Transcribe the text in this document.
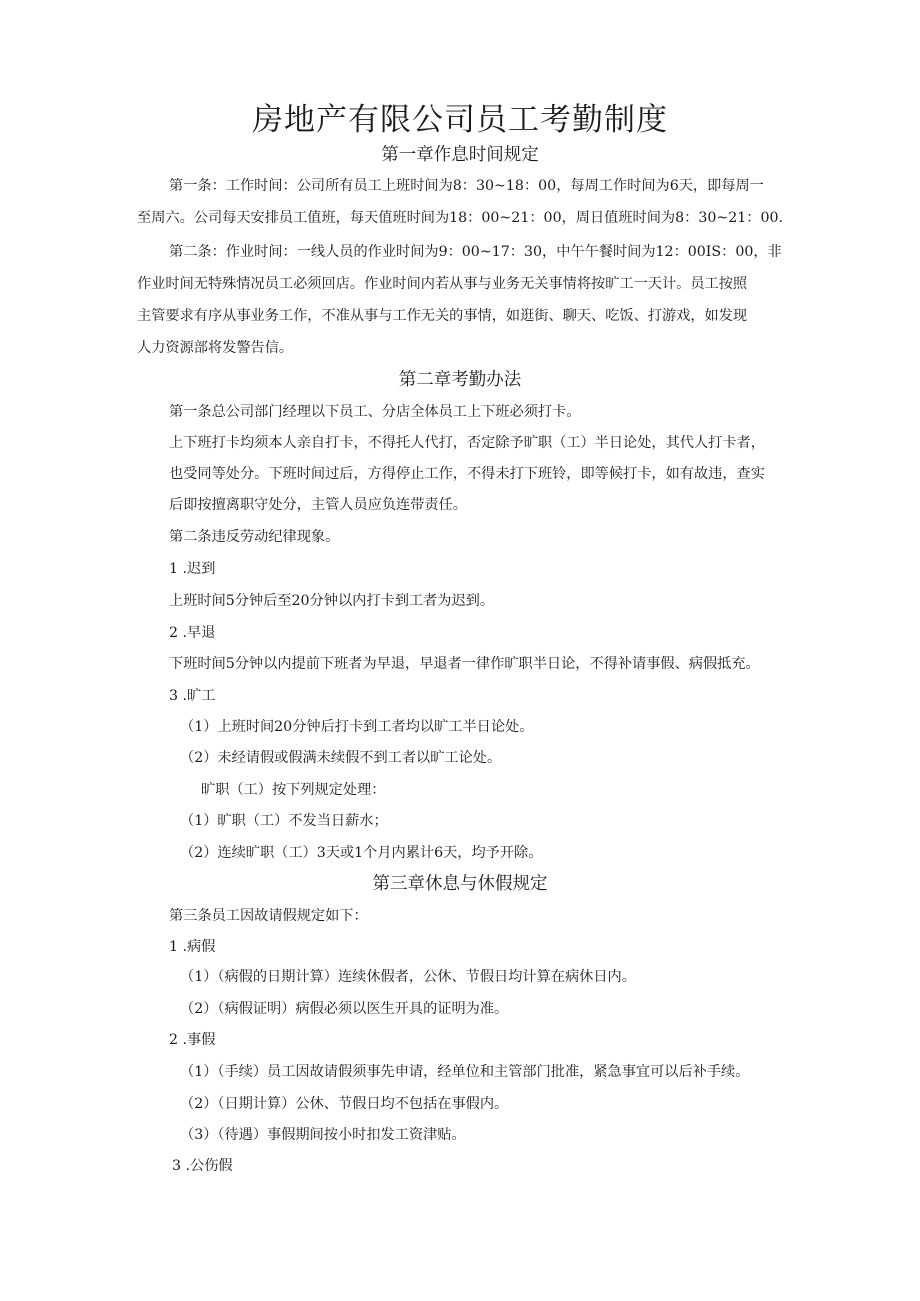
房地产有限公司员工考勤制度
第一章作息时间规定
第一条：工作时间：公司所有员工上班时间为8：30~18：00，每周工作时间为6天，即每周一
至周六。公司每天安排员工值班，每天值班时间为18：00~21：00，周日值班时间为8：30~21：00.
第二条：作业时间：一线人员的作业时间为9：00~17：30，中午午餐时间为12：00IS：00，非
作业时间无特殊情况员工必须回店。作业时间内若从事与业务无关事情将按旷工一天计。员工按照
主管要求有序从事业务工作，不准从事与工作无关的事情，如逛街、聊天、吃饭、打游戏，如发现
人力资源部将发警告信。
第二章考勤办法
第一条总公司部门经理以下员工、分店全体员工上下班必须打卡。
上下班打卡均须本人亲自打卡，不得托人代打，否定除予旷职（工）半日论处，其代人打卡者，
也受同等处分。下班时间过后，方得停止工作，不得未打下班铃，即等候打卡，如有故违，查实
后即按擅离职守处分，主管人员应负连带责任。
第二条违反劳动纪律现象。
1 .迟到
上班时间5分钟后至20分钟以内打卡到工者为迟到。
2 .早退
下班时间5分钟以内提前下班者为早退，早退者一律作旷职半日论，不得补请事假、病假抵充。
3 .旷工
（1）上班时间20分钟后打卡到工者均以旷工半日论处。
（2）未经请假或假满未续假不到工者以旷工论处。
旷职（工）按下列规定处理：
（1）旷职（工）不发当日薪水；
（2）连续旷职（工）3天或1个月内累计6天，均予开除。
第三章休息与休假规定
第三条员工因故请假规定如下：
1 .病假
（1）（病假的日期计算）连续休假者，公休、节假日均计算在病休日内。
（2）（病假证明）病假必须以医生开具的证明为准。
2 .事假
（1）（手续）员工因故请假须事先申请，经单位和主管部门批准，紧急事宜可以后补手续。
（2）（日期计算）公休、节假日均不包括在事假内。
（3）（待遇）事假期间按小时扣发工资津贴。
3 .公伤假
